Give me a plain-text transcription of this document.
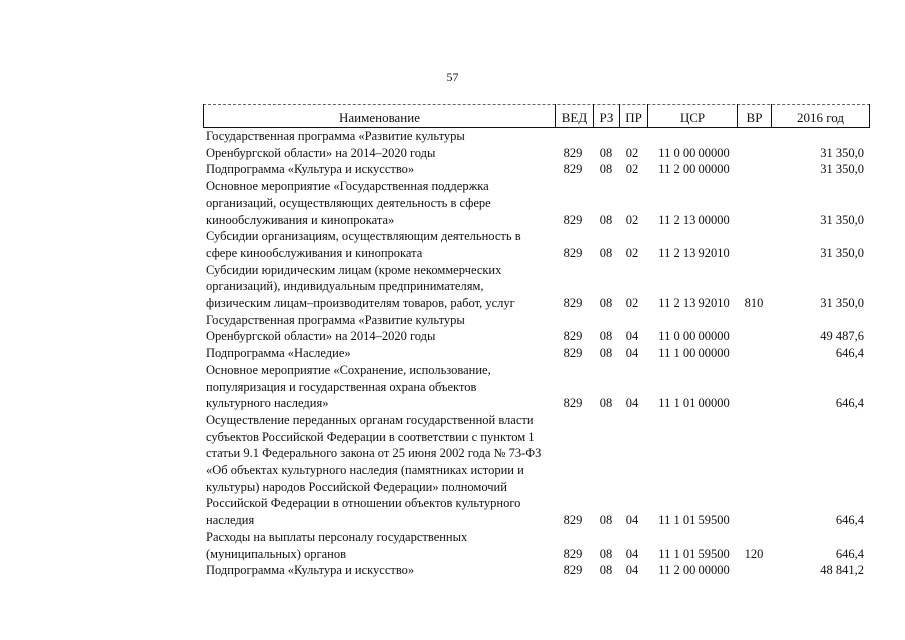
57
Наименование	ВЕД РЗ ПР	ЦСР	ВР	2016 год
Государственная программа «Развитие культуры
Оренбургской области» на 2014–2020 годы	829	08	02	11 0 00 00000	31 350,0
Подпрограмма «Культура и искусство»	829	08	02	11 2 00 00000	31 350,0
Основное мероприятие «Государственная поддержка
организаций, осуществляющих деятельность в сфере
кинообслуживания и кинопроката»	829	08	02	11 2 13 00000	31 350,0
Субсидии организациям, осуществляющим деятельность в
сфере кинообслуживания и кинопроката	829	08	02	11 2 13 92010	31 350,0
Субсидии юридическим лицам (кроме некоммерческих
организаций), индивидуальным предпринимателям,
физическим лицам–производителям товаров, работ, услуг	829	08	02	11 2 13 92010	810	31 350,0
Государственная программа «Развитие культуры
Оренбургской области» на 2014–2020 годы	829	08	04	11 0 00 00000	49 487,6
Подпрограмма «Наследие»	829	08	04	11 1 00 00000	646,4
Основное мероприятие «Сохранение, использование,
популяризация и государственная охрана объектов
культурного наследия»	829	08	04	11 1 01 00000	646,4
Осуществление переданных органам государственной власти
субъектов Российской Федерации в соответствии с пунктом 1
статьи 9.1 Федерального закона от 25 июня 2002 года № 73-ФЗ
«Об объектах культурного наследия (памятниках истории и
культуры) народов Российской Федерации» полномочий
Российской Федерации в отношении объектов культурного
наследия	829	08	04	11 1 01 59500	646,4
Расходы на выплаты персоналу государственных
(муниципальных) органов	829	08	04	11 1 01 59500	120	646,4
Подпрограмма «Культура и искусство»	829	08	04	11 2 00 00000	48 841,2
